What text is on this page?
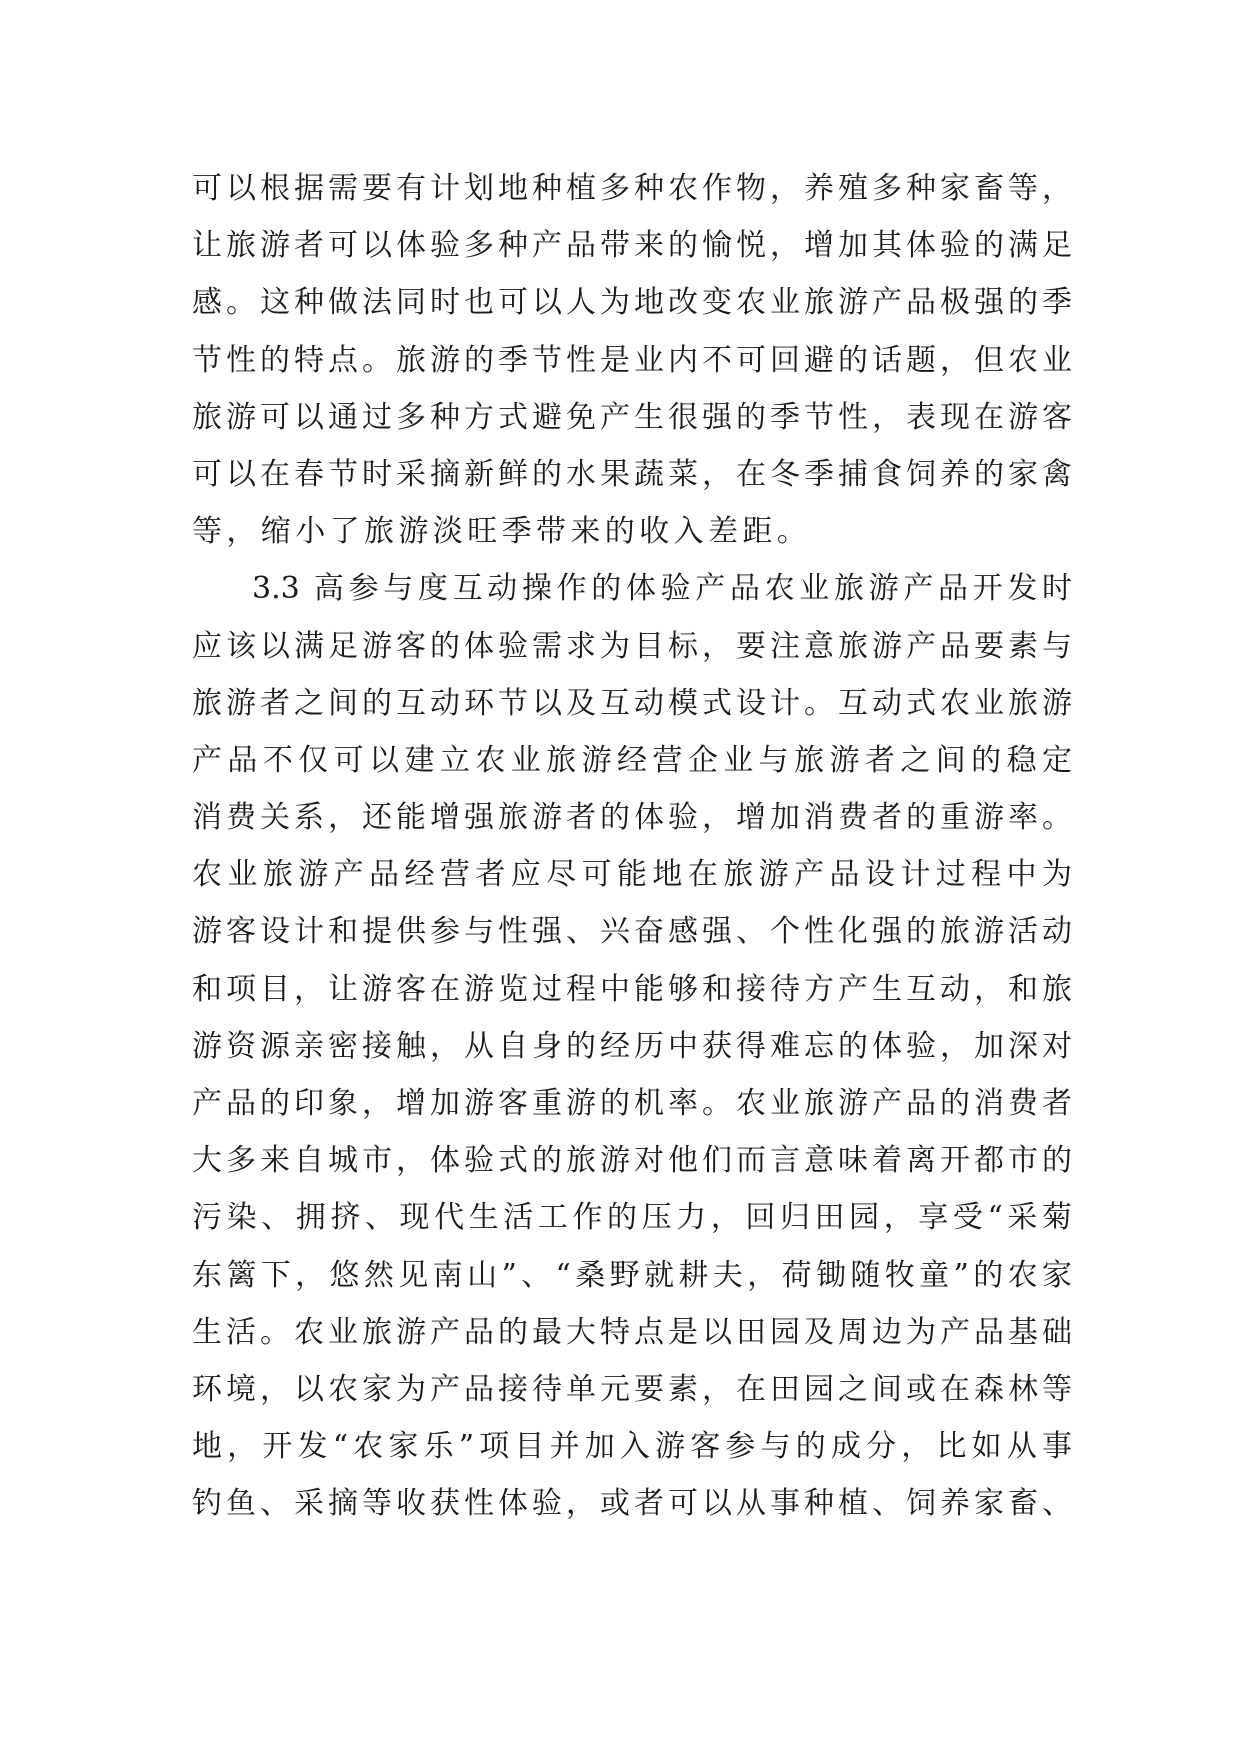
可以根据需要有计划地种植多种农作物，养殖多种家畜等，
让旅游者可以体验多种产品带来的愉悦，增加其体验的满足
感。这种做法同时也可以人为地改变农业旅游产品极强的季
节性的特点。旅游的季节性是业内不可回避的话题，但农业
旅游可以通过多种方式避免产生很强的季节性，表现在游客
可以在春节时采摘新鲜的水果蔬菜，在冬季捕食饲养的家禽
等，缩小了旅游淡旺季带来的收入差距。
3.3 高参与度互动操作的体验产品农业旅游产品开发时
应该以满足游客的体验需求为目标，要注意旅游产品要素与
旅游者之间的互动环节以及互动模式设计。互动式农业旅游
产品不仅可以建立农业旅游经营企业与旅游者之间的稳定
消费关系，还能增强旅游者的体验，增加消费者的重游率。
农业旅游产品经营者应尽可能地在旅游产品设计过程中为
游客设计和提供参与性强、兴奋感强、个性化强的旅游活动
和项目，让游客在游览过程中能够和接待方产生互动，和旅
游资源亲密接触，从自身的经历中获得难忘的体验，加深对
产品的印象，增加游客重游的机率。农业旅游产品的消费者
大多来自城市，体验式的旅游对他们而言意味着离开都市的
污染、拥挤、现代生活工作的压力，回归田园，享受“采菊
东篱下，悠然见南山”、“桑野就耕夫，荷锄随牧童”的农家
生活。农业旅游产品的最大特点是以田园及周边为产品基础
环境，以农家为产品接待单元要素，在田园之间或在森林等
地，开发“农家乐”项目并加入游客参与的成分，比如从事
钓鱼、采摘等收获性体验，或者可以从事种植、饲养家畜、
